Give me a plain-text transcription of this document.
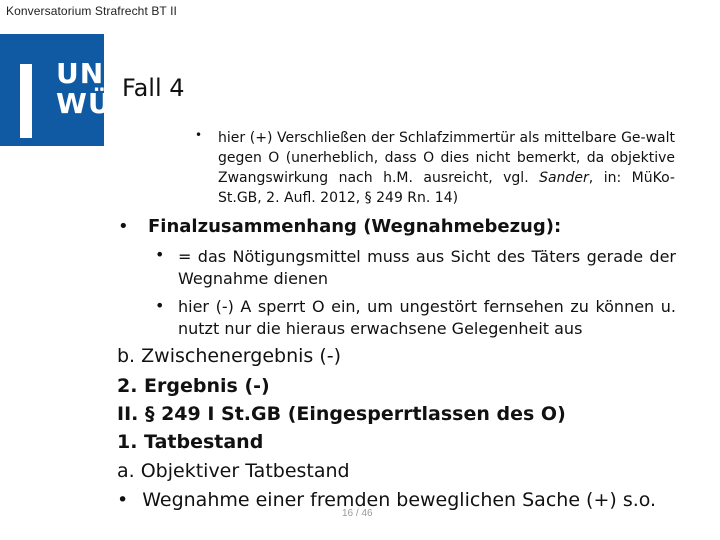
Konversatorium Strafrecht BT II
UNI
WÜ Fall 4
• hier (+) Verschließen der Schlafzimmertür als mittelbare Ge-walt gegen O (unerheblich, dass O dies nicht bemerkt, da objektive Zwangswirkung nach h.M. ausreicht, vgl. Sander, in: MüKo-St.GB, 2. Aufl. 2012, § 249 Rn. 14)
• Finalzusammenhang (Wegnahmebezug):
• = das Nötigungsmittel muss aus Sicht des Täters gerade der Wegnahme dienen
• hier (-) A sperrt O ein, um ungestört fernsehen zu können u. nutzt nur die hieraus erwachsene Gelegenheit aus
b. Zwischenergebnis (-)
2. Ergebnis (-)
II. § 249 I St.GB (Eingesperrtlassen des O)
1. Tatbestand
a. Objektiver Tatbestand
• Wegnahme einer fremden beweglichen Sache (+) s.o.
16 / 46
